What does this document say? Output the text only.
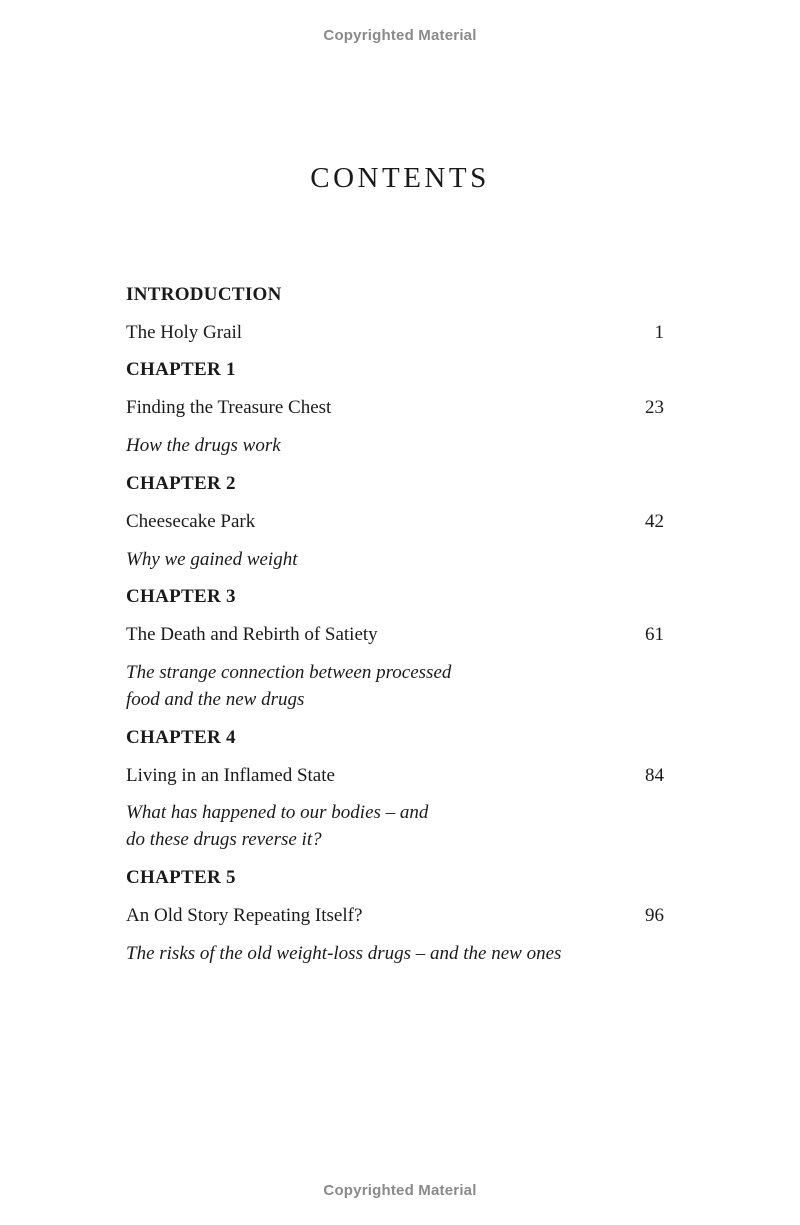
Copyrighted Material
CONTENTS
INTRODUCTION
The Holy Grail	1
CHAPTER 1
Finding the Treasure Chest	23
How the drugs work
CHAPTER 2
Cheesecake Park	42
Why we gained weight
CHAPTER 3
The Death and Rebirth of Satiety	61
The strange connection between processed
food and the new drugs
CHAPTER 4
Living in an Inflamed State	84
What has happened to our bodies – and
do these drugs reverse it?
CHAPTER 5
An Old Story Repeating Itself?	96
The risks of the old weight-loss drugs – and the new ones
Copyrighted Material
